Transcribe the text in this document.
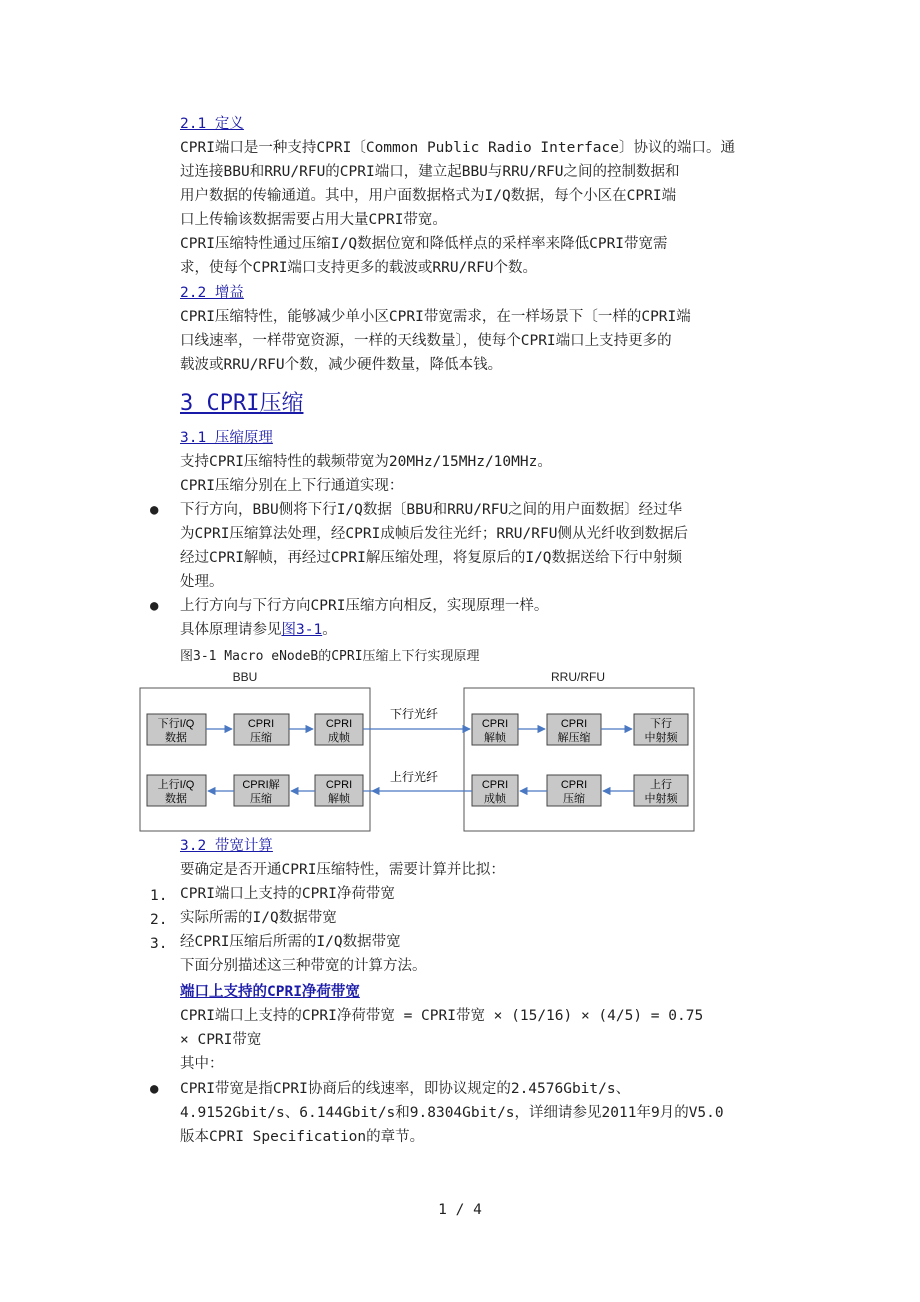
2.1 定义
CPRI端口是一种支持CPRI〔Common Public Radio Interface〕协议的端口。通
过连接BBU和RRU/RFU的CPRI端口，建立起BBU与RRU/RFU之间的控制数据和
用户数据的传输通道。其中，用户面数据格式为I/Q数据，每个小区在CPRI端
口上传输该数据需要占用大量CPRI带宽。
CPRI压缩特性通过压缩I/Q数据位宽和降低样点的采样率来降低CPRI带宽需
求，使每个CPRI端口支持更多的载波或RRU/RFU个数。
2.2 增益
CPRI压缩特性，能够减少单小区CPRI带宽需求，在一样场景下〔一样的CPRI端
口线速率，一样带宽资源，一样的天线数量〕，使每个CPRI端口上支持更多的
载波或RRU/RFU个数，减少硬件数量，降低本钱。
3 CPRI压缩
3.1 压缩原理
支持CPRI压缩特性的载频带宽为20MHz/15MHz/10MHz。
CPRI压缩分别在上下行通道实现：
● 下行方向，BBU侧将下行I/Q数据〔BBU和RRU/RFU之间的用户面数据〕经过华
为CPRI压缩算法处理，经CPRI成帧后发往光纤；RRU/RFU侧从光纤收到数据后
经过CPRI解帧，再经过CPRI解压缩处理，将复原后的I/Q数据送给下行中射频
处理。
● 上行方向与下行方向CPRI压缩方向相反，实现原理一样。
具体原理请参见图3-1。
图3-1 Macro eNodeB的CPRI压缩上下行实现原理
BBU	RRU/RFU
下行I/Q
数据
CPRI
压缩
CPRI
成帧
CPRI
解帧
CPRI
解压缩
下行
中射频
上行I/Q
数据
CPRI解
压缩
CPRI
解帧
CPRI
成帧
CPRI
压缩
上行
中射频
下行光纤
上行光纤
3.2 带宽计算
要确定是否开通CPRI压缩特性，需要计算并比拟：
1. CPRI端口上支持的CPRI净荷带宽
2. 实际所需的I/Q数据带宽
3. 经CPRI压缩后所需的I/Q数据带宽
下面分别描述这三种带宽的计算方法。
端口上支持的CPRI净荷带宽
CPRI端口上支持的CPRI净荷带宽 = CPRI带宽 × (15/16) × (4/5) = 0.75
× CPRI带宽
其中：
● CPRI带宽是指CPRI协商后的线速率，即协议规定的2.4576Gbit/s、
4.9152Gbit/s、6.144Gbit/s和9.8304Gbit/s，详细请参见2011年9月的V5.0
版本CPRI Specification的章节。
1 / 4
